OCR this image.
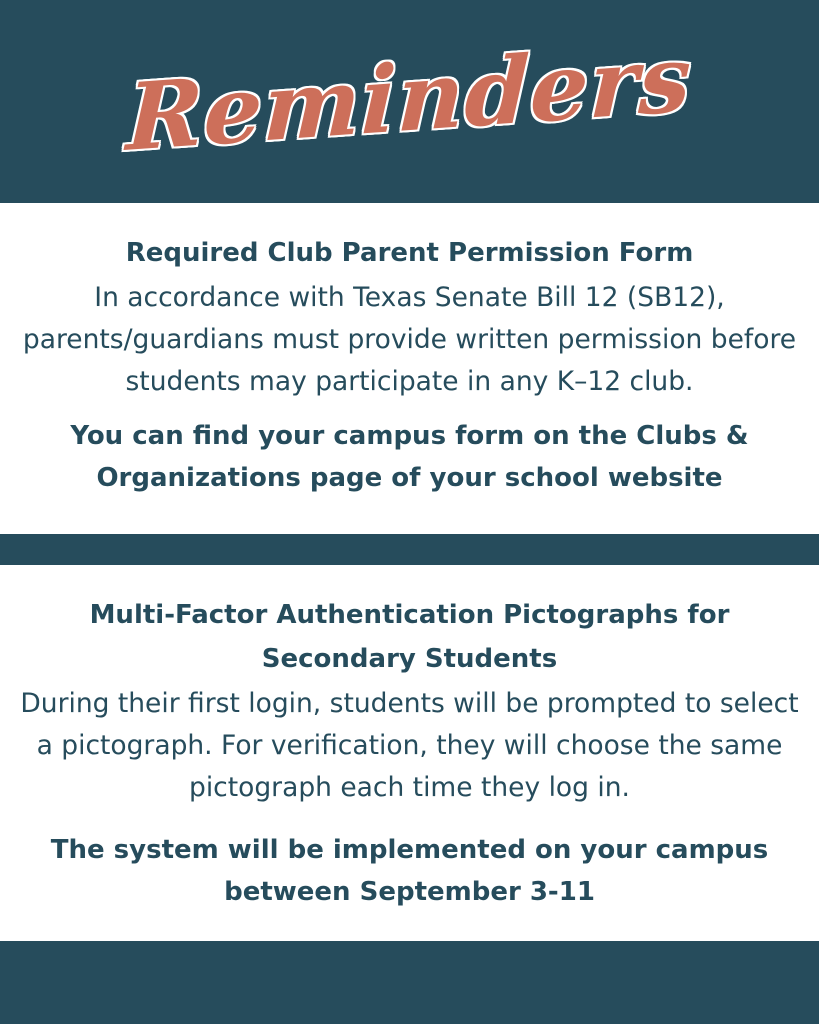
Reminders
Required Club Parent Permission Form
In accordance with Texas Senate Bill 12 (SB12), parents/guardians must provide written permission before students may participate in any K–12 club.
You can find your campus form on the Clubs & Organizations page of your school website
Multi-Factor Authentication Pictographs for Secondary Students
During their first login, students will be prompted to select a pictograph. For verification, they will choose the same pictograph each time they log in.
The system will be implemented on your campus between September 3-11
